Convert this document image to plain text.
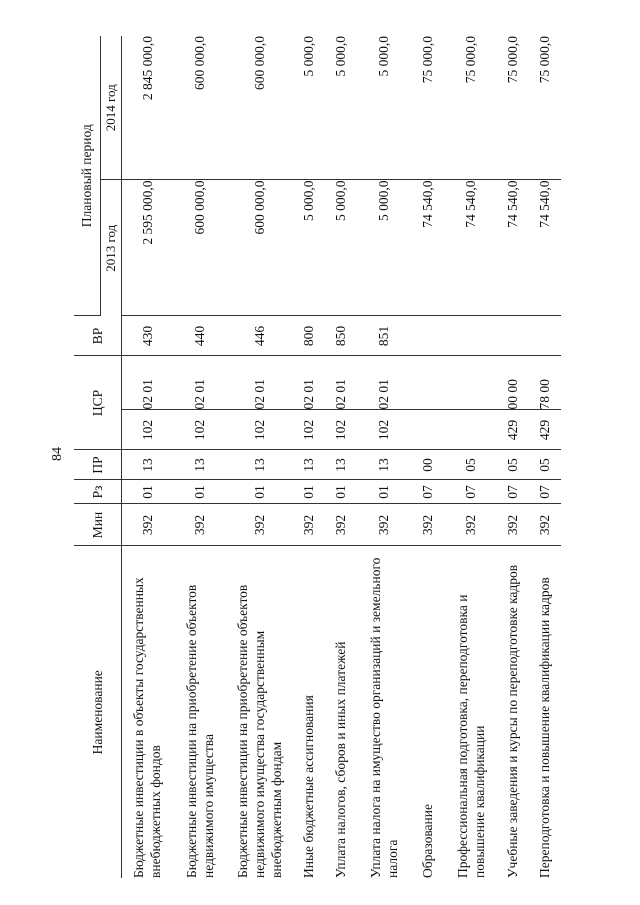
84
Наименование	Мин	Рз	ПР	ЦСР		ВР	Плановый период	
							2013 год	2014 год
Бюджетные инвестиции в объекты государственных внебюджетных фондов	392	01	13	102	02 01	430	2 595 000,0	2 845 000,0
Бюджетные инвестиции на приобретение объектов недвижимого имущества	392	01	13	102	02 01	440	600 000,0	600 000,0
Бюджетные инвестиции на приобретение объектов недвижимого имущества государственным внебюджетным фондам	392	01	13	102	02 01	446	600 000,0	600 000,0
Иные бюджетные ассигнования	392	01	13	102	02 01	800	5 000,0	5 000,0
Уплата налогов, сборов и иных платежей	392	01	13	102	02 01	850	5 000,0	5 000,0
Уплата налога на имущество организаций и земельного налога	392	01	13	102	02 01	851	5 000,0	5 000,0
Образование	392	07	00				74 540,0	75 000,0
Профессиональная подготовка, переподготовка и повышение квалификации	392	07	05				74 540,0	75 000,0
Учебные заведения и курсы по переподготовке кадров	392	07	05	429	00 00		74 540,0	75 000,0
Переподготовка и повышение квалификации кадров	392	07	05	429	78 00		74 540,0	75 000,0
